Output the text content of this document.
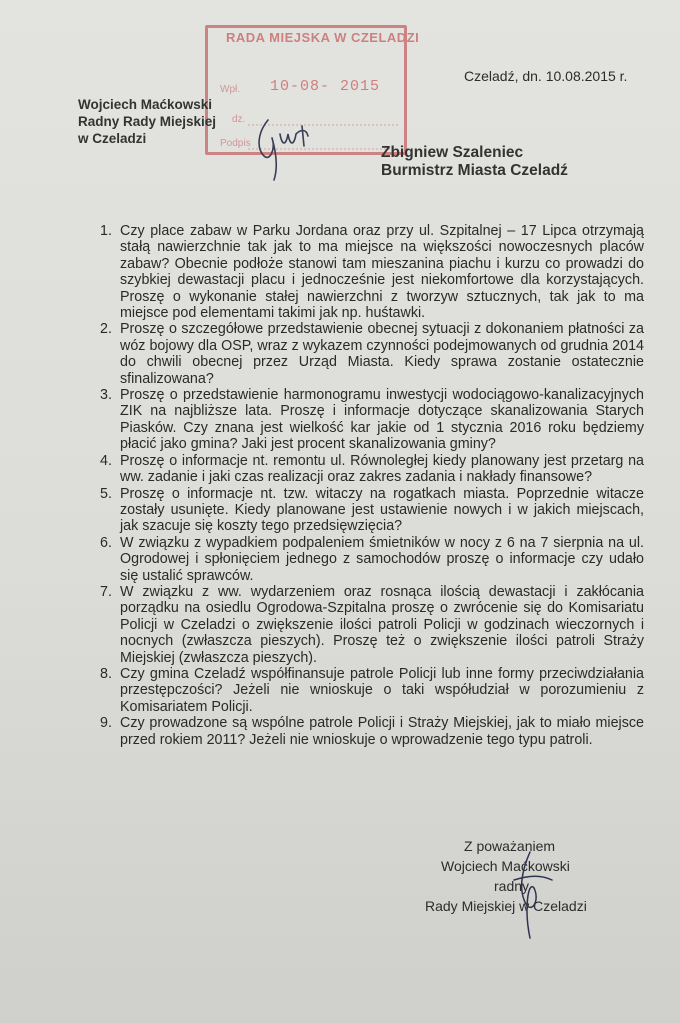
RADA MIEJSKA W CZELADZI
Wpł. 10-08- 2015
dz.
Podpis
Czeladź, dn. 10.08.2015 r.
Wojciech Maćkowski
Radny Rady Miejskiej
w Czeladzi
Zbigniew Szaleniec
Burmistrz Miasta Czeladź
1. Czy place zabaw w Parku Jordana oraz przy ul. Szpitalnej – 17 Lipca otrzymają stałą nawierzchnie tak jak to ma miejsce na większości nowoczesnych placów zabaw? Obecnie podłoże stanowi tam mieszanina piachu i kurzu co prowadzi do szybkiej dewastacji placu i jednocześnie jest niekomfortowe dla korzystających. Proszę o wykonanie stałej nawierzchni z tworzyw sztucznych, tak jak to ma miejsce pod elementami takimi jak np. huśtawki.
2. Proszę o szczegółowe przedstawienie obecnej sytuacji z dokonaniem płatności za wóz bojowy dla OSP, wraz z wykazem czynności podejmowanych od grudnia 2014 do chwili obecnej przez Urząd Miasta. Kiedy sprawa zostanie ostatecznie sfinalizowana?
3. Proszę o przedstawienie harmonogramu inwestycji wodociągowo-kanalizacyjnych ZIK na najbliższe lata. Proszę i informacje dotyczące skanalizowania Starych Piasków. Czy znana jest wielkość kar jakie od 1 stycznia 2016 roku będziemy płacić jako gmina? Jaki jest procent skanalizowania gminy?
4. Proszę o informacje nt. remontu ul. Równoległej kiedy planowany jest przetarg na ww. zadanie i jaki czas realizacji oraz zakres zadania i nakłady finansowe?
5. Proszę o informacje nt. tzw. witaczy na rogatkach miasta. Poprzednie witacze zostały usunięte. Kiedy planowane jest ustawienie nowych i w jakich miejscach, jak szacuje się koszty tego przedsięwzięcia?
6. W związku z wypadkiem podpaleniem śmietników w nocy z 6 na 7 sierpnia na ul. Ogrodowej i spłonięciem jednego z samochodów proszę o informacje czy udało się ustalić sprawców.
7. W związku z ww. wydarzeniem oraz rosnąca ilością dewastacji i zakłócania porządku na osiedlu Ogrodowa-Szpitalna proszę o zwrócenie się do Komisariatu Policji w Czeladzi o zwiększenie ilości patroli Policji w godzinach wieczornych i nocnych (zwłaszcza pieszych). Proszę też o zwiększenie ilości patroli Straży Miejskiej (zwłaszcza pieszych).
8. Czy gmina Czeladź współfinansuje patrole Policji lub inne formy przeciwdziałania przestępczości? Jeżeli nie wnioskuje o taki współudział w porozumieniu z Komisariatem Policji.
9. Czy prowadzone są wspólne patrole Policji i Straży Miejskiej, jak to miało miejsce przed rokiem 2011? Jeżeli nie wnioskuje o wprowadzenie tego typu patroli.
Z poważaniem
Wojciech Maćkowski
radny
Rady Miejskiej w Czeladzi
